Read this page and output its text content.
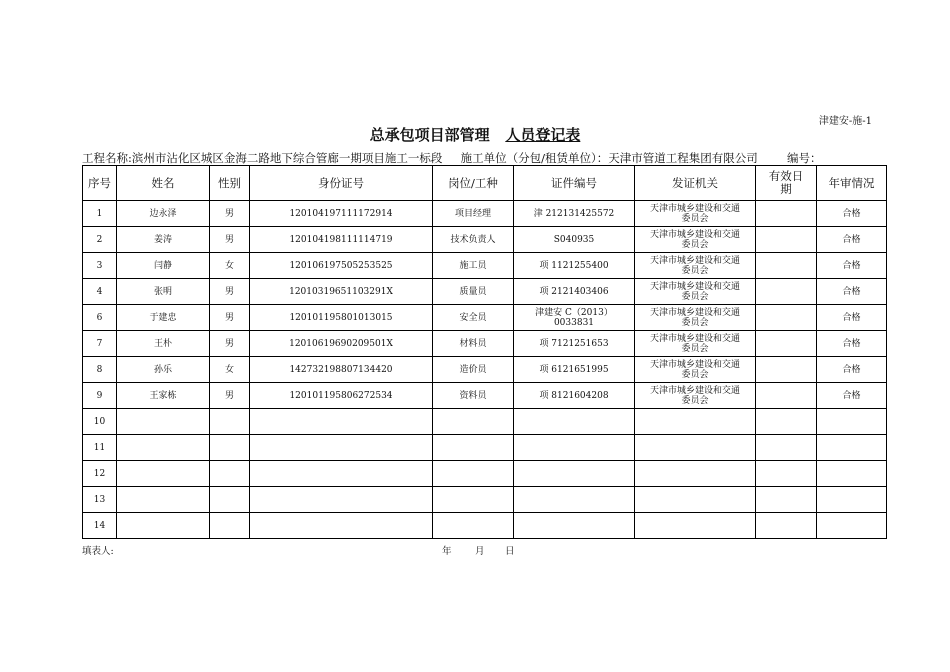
津建安-施-1
总承包项目部管理 人员登记表
工程名称:滨州市沾化区城区金海二路地下综合管廊一期项目施工一标段 施工单位（分包/租赁单位）：天津市管道工程集团有限公司	编号：
序号	姓名	性别	身份证号	岗位/工种	证件编号	发证机关	有效日期	年审情况
1	边永泽	男	120104197111172914	项目经理	津 212131425572	天津市城乡建设和交通委员会		合格
2	姜涛	男	120104198111114719	技术负责人	S040935	天津市城乡建设和交通委员会		合格
3	闫静	女	120106197505253525	施工员	项 1121255400	天津市城乡建设和交通委员会		合格
4	张明	男	12010319651103291X	质量员	项 2121403406	天津市城乡建设和交通委员会		合格
6	于建忠	男	120101195801013015	安全员	津建安 C（2013）0033831	天津市城乡建设和交通委员会		合格
7	王朴	男	12010619690209501X	材料员	项 7121251653	天津市城乡建设和交通委员会		合格
8	孙乐	女	142732198807134420	造价员	项 6121651995	天津市城乡建设和交通委员会		合格
9	王家栋	男	120101195806272534	资料员	项 8121604208	天津市城乡建设和交通委员会		合格
10								
11								
12								
13								
14								
填表人:	年 月 日
